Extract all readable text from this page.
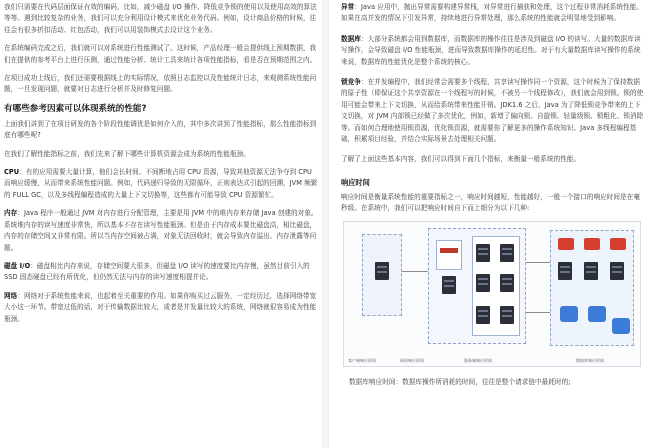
我们只需要在代码层面保证有效的编码，比如，减少磁盘 I/O 操作、降低竞争锁的使用以及使用高效的算法等等。遇到比较复杂的业务，我们可以充分利用设计模式来优化业务代码。例如，设计商品价格的时候，往往会有很多折扣活动、红包活动，我们可以用装饰模式去设计这个业务。

在系统编码完成之后，我们就可以对系统进行性能测试了。这时候，产品经理一般会提供线上预期数据，我们在提供的参考平台上进行压测，通过性能分析、统计工具来统计各项性能指标，看是否在预期范围之内。

在项目成功上线后，我们还需要根据线上的实际情况，依照日志监控以及性能统计日志，来观测系统性能问题，一旦发现问题，就要对日志进行分析并及时修复问题。

有哪些参考因素可以体现系统的性能?

上面我们讲到了在项目研发的各个阶段性能调优是如何介入的，其中多次讲到了性能指标，那么性能指标到底有哪些呢?

在我们了解性能指标之前，我们先来了解下哪些计算机资源会成为系统的性能瓶颈。

CPU：有的应用需要大量计算，他们会长时间、不间断地占用 CPU 资源，导致其他资源无法争夺到 CPU 而响应缓慢，从而带来系统性能问题。例如，代码递归导致的无限循环，正则表达式引起的回溯，JVM 频繁的 FULL GC，以及多线程编程造成的大量上下文切换等，这些都有可能导致 CPU 资源繁忙。

内存：Java 程序一般通过 JVM 对内存进行分配管理，主要是用 JVM 中的堆内存来存储 Java 创建的对象。系统堆内存的读写速度非常快，所以基本不存在读写性能瓶颈。但是由于内存成本要比磁盘高，相比磁盘，内存的存储空间又非常有限。所以当内存空间被占满，对象无法回收时，就会导致内存溢出、内存泄露等问题。

磁盘 I/O：磁盘相比内存来说，存储空间要大很多，但磁盘 I/O 读写的速度要比内存慢，虽然目前引入的 SSD 固态硬盘已经有所优化，但仍然无法与内存的读写速度相提并论。

网络：网络对于系统性能来说，也起着至关重要的作用。如果你购买过云服务，一定经历过，选择网络带宽大小这一环节。带宽过低的话，对于传输数据比较大，或者是并发量比较大的系统，网络就很容易成为性能瓶颈。

异常：Java 应用中，抛出异常需要构建异常栈，对异常进行捕获和处理，这个过程非常消耗系统性能。如果在高并发的情况下引发异常，持续地进行异常处理，那么系统的性能就会明显地受到影响。

数据库：大部分系统都会用到数据库，而数据库的操作往往是涉及到磁盘 I/O 的读写。大量的数据库读写操作，会导致磁盘 I/O 性能瓶颈，进而导致数据库操作的延迟性。对于有大量数据库读写操作的系统来说，数据库的性能优化是整个系统的核心。

锁竞争：在并发编程中，我们经常会需要多个线程，共享读写操作同一个资源，这个时候为了保持数据的原子性（即保证这个共享资源在一个线程写的时候，不被另一个线程修改），我们就会用到锁。锁的使用可能会带来上下文切换，从而给系统带来性能开销。JDK1.6 之后，Java 为了降低锁竞争带来的上下文切换，对 JVM 内部锁已经做了多次优化，例如，新增了偏向锁、自旋锁、轻量级锁、锁粗化、锁消除等。而如何合理地使用锁资源，优化锁资源，就需要你了解更多的操作系统知识、Java 多线程编程基础，积累项目经验，并结合实际场景去处理相关问题。

了解了上面这些基本内容，我们可以得到下面几个指标，来衡量一般系统的性能。

响应时间

响应时间是衡量系统性能的重要指标之一，响应时间越短，性能越好，一般一个接口的响应时间是在毫秒级。在系统中，我们可以把响应时间自下而上细分为以下几种:

客户端响应时间	网络响应时间	服务端响应时间	数据库响应时间

数据库响应时间：数据库操作所消耗的时间，往往是整个请求链中最耗时的;
